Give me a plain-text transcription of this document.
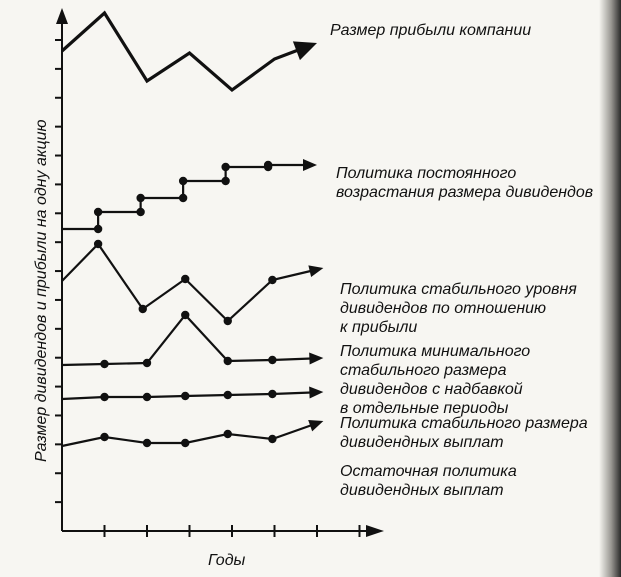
Размер дивидендов и прибыли на одну акцию
Годы
Размер прибыли компании
Политика постоянного
возрастания размера дивидендов
Политика стабильного уровня
дивидендов по отношению
к прибыли
Политика минимального
стабильного размера
дивидендов с надбавкой
в отдельные периоды
Политика стабильного размера
дивидендных выплат
Остаточная политика
дивидендных выплат
